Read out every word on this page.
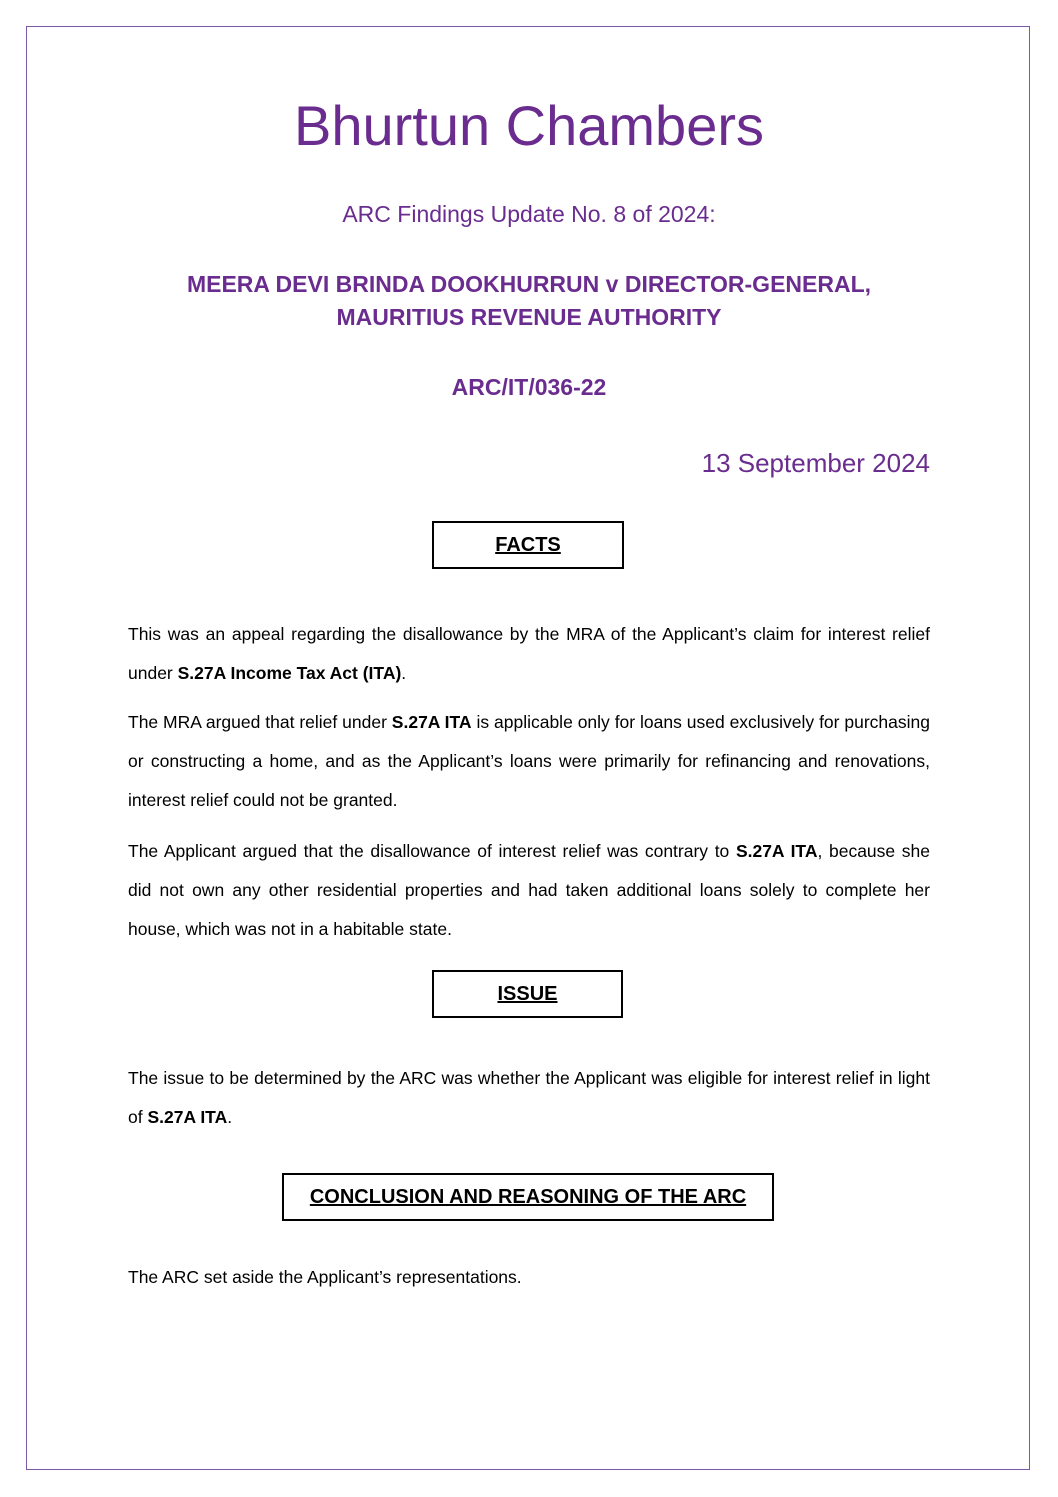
Bhurtun Chambers
ARC Findings Update No. 8 of 2024:
MEERA DEVI BRINDA DOOKHURRUN v DIRECTOR-GENERAL,
MAURITIUS REVENUE AUTHORITY
ARC/IT/036-22
13 September 2024
FACTS

This was an appeal regarding the disallowance by the MRA of the Applicant’s claim for interest relief under S.27A Income Tax Act (ITA).

The MRA argued that relief under S.27A ITA is applicable only for loans used exclusively for purchasing or constructing a home, and as the Applicant’s loans were primarily for refinancing and renovations, interest relief could not be granted.

The Applicant argued that the disallowance of interest relief was contrary to S.27A ITA, because she did not own any other residential properties and had taken additional loans solely to complete her house, which was not in a habitable state.

ISSUE

The issue to be determined by the ARC was whether the Applicant was eligible for interest relief in light of S.27A ITA.

CONCLUSION AND REASONING OF THE ARC

The ARC set aside the Applicant’s representations.
